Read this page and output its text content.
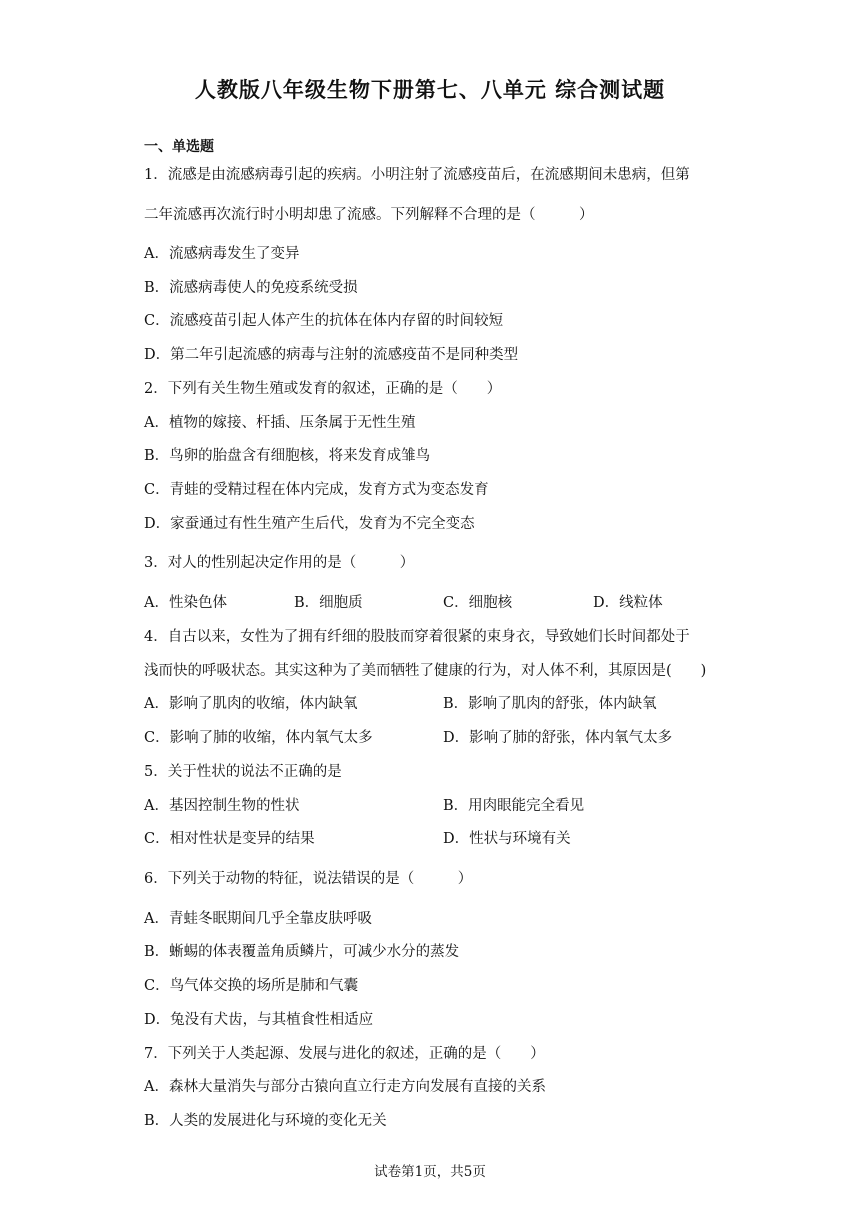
人教版八年级生物下册第七、八单元 综合测试题
一、单选题
1．流感是由流感病毒引起的疾病。小明注射了流感疫苗后，在流感期间未患病，但第
二年流感再次流行时小明却患了流感。下列解释不合理的是（　　　）
A．流感病毒发生了变异
B．流感病毒使人的免疫系统受损
C．流感疫苗引起人体产生的抗体在体内存留的时间较短
D．第二年引起流感的病毒与注射的流感疫苗不是同种类型
2．下列有关生物生殖或发育的叙述，正确的是（　　）
A．植物的嫁接、杆插、压条属于无性生殖
B．鸟卵的胎盘含有细胞核，将来发育成雏鸟
C．青蛙的受精过程在体内完成，发育方式为变态发育
D．家蚕通过有性生殖产生后代，发育为不完全变态
3．对人的性别起决定作用的是（　　　）
A．性染色体	B．细胞质	C．细胞核	D．线粒体
4．自古以来，女性为了拥有纤细的股肢而穿着很紧的束身衣，导致她们长时间都处于
浅而快的呼吸状态。其实这种为了美而牺牲了健康的行为，对人体不利，其原因是(　　)
A．影响了肌肉的收缩，体内缺氧	B．影响了肌肉的舒张，体内缺氧
C．影响了肺的收缩，体内氧气太多	D．影响了肺的舒张，体内氧气太多
5．关于性状的说法不正确的是
A．基因控制生物的性状	B．用肉眼能完全看见
C．相对性状是变异的结果	D．性状与环境有关
6．下列关于动物的特征，说法错误的是（　　　）
A．青蛙冬眠期间几乎全靠皮肤呼吸
B．蜥蜴的体表覆盖角质鳞片，可减少水分的蒸发
C．鸟气体交换的场所是肺和气囊
D．兔没有犬齿，与其植食性相适应
7．下列关于人类起源、发展与进化的叙述，正确的是（　　）
A．森林大量消失与部分古猿向直立行走方向发展有直接的关系
B．人类的发展进化与环境的变化无关
试卷第1页，共5页
